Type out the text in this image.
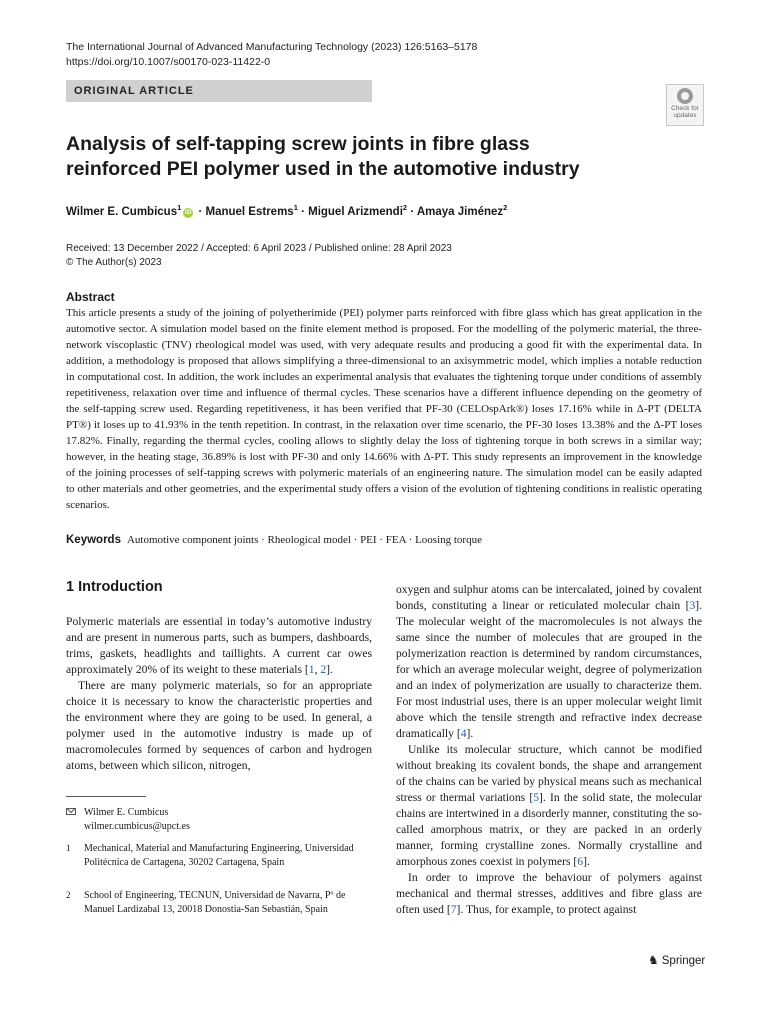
The International Journal of Advanced Manufacturing Technology (2023) 126:5163–5178
https://doi.org/10.1007/s00170-023-11422-0
ORIGINAL ARTICLE
Check for updates
Analysis of self-tapping screw joints in fibre glass reinforced PEI polymer used in the automotive industry
Wilmer E. Cumbicus$^1$iD · Manuel Estrems$^1$ · Miguel Arizmendi$^2$ · Amaya Jiménez$^2$
Received: 13 December 2022 / Accepted: 6 April 2023 / Published online: 28 April 2023
© The Author(s) 2023
Abstract
This article presents a study of the joining of polyetherimide (PEI) polymer parts reinforced with fibre glass which has great application in the automotive sector. A simulation model based on the finite element method is proposed. For the modelling of the polymeric material, the three-network viscoplastic (TNV) rheological model was used, with very adequate results and producing a good fit with the experimental data. In addition, a methodology is proposed that allows simplifying a three-dimensional to an axisymmetric model, which implies a notable reduction in computational cost. In addition, the work includes an experimental analysis that evaluates the tightening torque under conditions of assembly repetitiveness, relaxation over time and influence of thermal cycles. These scenarios have a different influence depending on the geometry of the self-tapping screw used. Regarding repetitiveness, it has been verified that PF-30 (CELOspArk®) loses 17.16% while in Δ-PT (DELTA PT®) it loses up to 41.93% in the tenth repetition. In contrast, in the relaxation over time scenario, the PF-30 loses 13.38% and the Δ-PT loses 17.82%. Finally, regarding the thermal cycles, cooling allows to slightly delay the loss of tightening torque in both screws in a similar way; however, in the heating stage, 36.89% is lost with PF-30 and only 14.66% with Δ-PT. This study represents an improvement in the knowledge of the joining processes of self-tapping screws with polymeric materials of an engineering nature. The simulation model can be easily adapted to other materials and other geometries, and the experimental study offers a vision of the evolution of tightening conditions in realistic operating scenarios.
Keywords Automotive component joints · Rheological model · PEI · FEA · Loosing torque
1 Introduction

Polymeric materials are essential in today’s automotive industry and are present in numerous parts, such as bumpers, dashboards, trims, gaskets, headlights and taillights. A current car owes approximately 20% of its weight to these materials [1, 2].

There are many polymeric materials, so for an appropriate choice it is necessary to know the characteristic properties and the environment where they are going to be used. In general, a polymer used in the automotive industry is made up of macromolecules formed by sequences of carbon and hydrogen atoms, between which silicon, nitrogen,

oxygen and sulphur atoms can be intercalated, joined by covalent bonds, constituting a linear or reticulated molecular chain [3]. The molecular weight of the macromolecules is not always the same since the number of molecules that are grouped in the polymerization reaction is determined by random circumstances, for which an average molecular weight, degree of polymerization and an index of polymerization are usually to characterize them. For most industrial uses, there is an upper molecular weight limit above which the tensile strength and refractive index decrease dramatically [4].

Unlike its molecular structure, which cannot be modified without breaking its covalent bonds, the shape and arrangement of the chains can be varied by physical means such as mechanical stress or thermal variations [5]. In the solid state, the molecular chains are intertwined in a disorderly manner, constituting the so-called amorphous matrix, or they are packed in an orderly manner, forming crystalline zones. Normally crystalline and amorphous zones coexist in polymers [6].

In order to improve the behaviour of polymers against mechanical and thermal stresses, additives and fibre glass are often used [7]. Thus, for example, to protect against

Wilmer E. Cumbicus
wilmer.cumbicus@upct.es
1 Mechanical, Material and Manufacturing Engineering, Universidad Politécnica de Cartagena, 30202 Cartagena, Spain
2 School of Engineering, TECNUN, Universidad de Navarra, Pº de Manuel Lardizabal 13, 20018 Donostia-San Sebastián, Spain
♞ Springer
